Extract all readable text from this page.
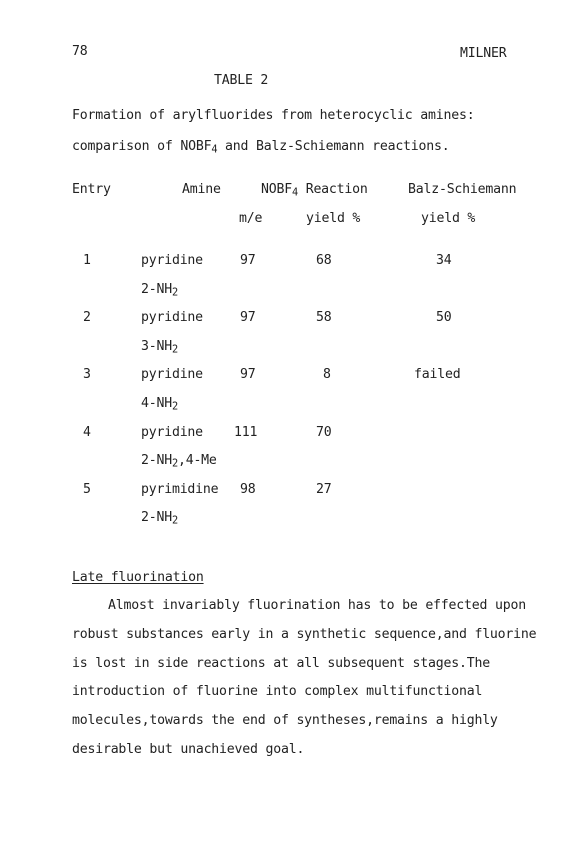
78	MILNER
TABLE 2
Formation of arylfluorides from heterocyclic amines:
comparison of $NOBF_4$ and Balz-Schiemann reactions.
Entry	Amine	$NOBF_4$ Reaction	Balz-Schiemann
m/e	yield %	yield %
1	pyridine	97	68	34
$2-NH_2$
2	pyridine	97	58	50
$3-NH_2$
3	pyridine	97	8	failed
$4-NH_2$
4	pyridine 111	70
$2-NH_2,4-Me$
5	pyrimidine 98	27
$2-NH_2$
Late fluorination
Almost invariably fluorination has to be effected upon
robust substances early in a synthetic sequence,and fluorine
is lost in side reactions at all subsequent stages.The
introduction of fluorine into complex multifunctional
molecules,towards the end of syntheses,remains a highly
desirable but unachieved goal.
